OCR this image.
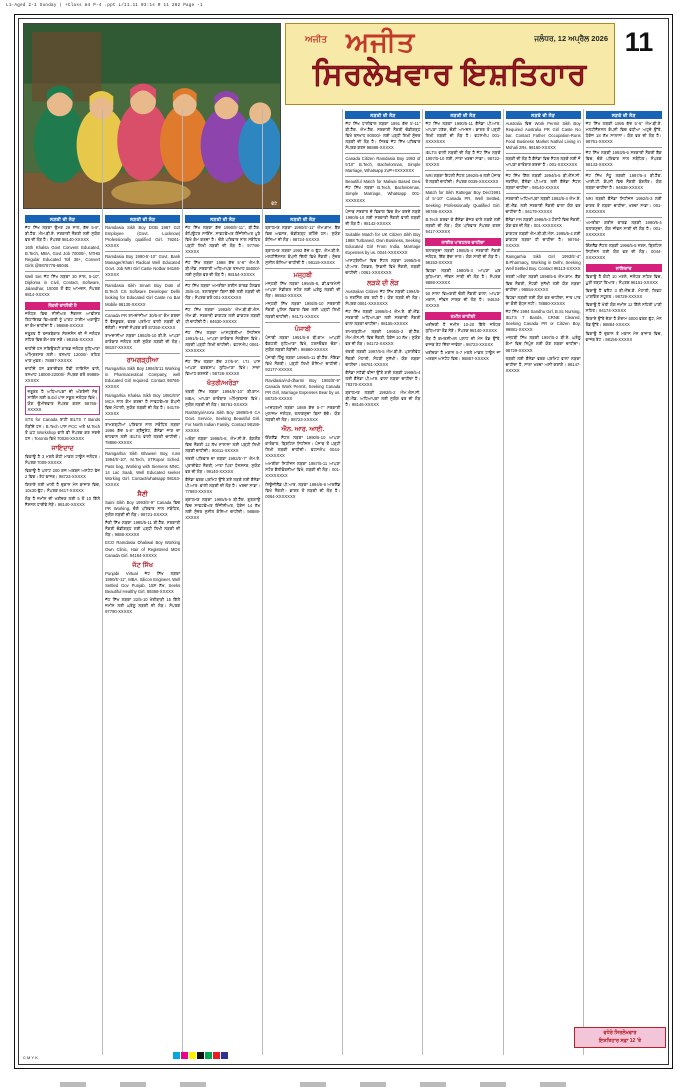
L1-Aged 2-1 Sunday | +Class m4 P-4 .ppt L/11.11 03:1s R 11 202 Page -1
ਫੋਟੋ
ਅਜੀਤ ਅਜੀਤ	ਜਲੰਧਰ, 12 ਅਪ੍ਰੈਲ 2026
ਸਿਰਲੇਖਵਾਰ ਇਸ਼ਤਿਹਾਰ
11
ਲੜਕੀ ਦੀ ਲੋੜ
ਜੱਟ ਸਿੱਖ ਲੜਕਾ ਉਮਰ 29 ਸਾਲ, ਕੱਦ 5-9", ਬੀ.ਟੈਕ. ਐਮ.ਬੀ.ਏ. ਸਰਕਾਰੀ ਨੌਕਰੀ ਲਈ ਸੁਯੋਗ ਵਰ ਦੀ ਲੋੜ ਹੈ। ਸੰਪਰਕ 98140-XXXXX
16th Khalsa Govt Convent Educated, B.Tech, MBA, Govt Job 70000/-, NTHB Regular Educated Toll 38+, Convert Girls @9876778-66046.
Well Set ਜੱਟ ਸਿੱਖ ਲੜਕਾ 30 ਸਾਲ, 5-10", Diploma in Civil, Contact, Software, Jalandhar, 10000 ਤੋਂ ਵੱਧ ਆਮਦਨ, ਸੰਪਰਕ 9814-XXXXX
ਨੌਕਰੀ ਚਾਹੀਦੀ ਹੈ
ਜਲੰਧਰ ਵਿਚ ਸੀਨੀਅਰ ਸੈਕਸ਼ਨ ਆਫੀਸਰ ਰਿਟਾਇਰਡ ਵਿਅਕਤੀ ਨੂੰ ਪਾਰਟ ਟਾਈਮ ਅਕਾਊਂਟ ਦਾ ਕੰਮ ਚਾਹੀਦਾ ਹੈ। 98888-XXXXX
ਜ਼ਰੂਰਤ ਹੈ ਤਜਰਬੇਕਾਰ ਸੇਲਜ਼ਮੈਨ ਦੀ ਜੋ ਜਲੰਧਰ ਸ਼ਹਿਰ ਵਿਚ ਕੰਮ ਕਰ ਸਕੇ। 98155-XXXXX
ਚਾਹੀਦੇ ਹਨ ਸਕਿਉਰਟੀ ਗਾਰਡ ਜਲੰਧਰ ਲੁਧਿਆਣਾ ਅੰਮ੍ਰਿਤਸਰ ਲਈ। ਤਨਖਾਹ 12000/- ਰਹਿਣ ਖਾਣ ਮੁਫ਼ਤ। 78887-XXXXX
ਚਾਹੀਦੇ ਹਨ ਡਰਾਈਵਰ ਹੈਵੀ ਲਾਇਸੰਸ ਵਾਲੇ, ਤਨਖਾਹ 18000-22000/- ਸੰਪਰਕ ਕਰੋ 99889-XXXXX
ਜ਼ਰੂਰਤ ਹੈ ਅਧਿਆਪਕਾਂ ਦੀ ਅੰਗਰੇਜ਼ੀ ਮੈਥ ਸਾਇੰਸ ਲਈ B.Ed ਪਾਸ ਸਕੂਲ ਜਲੰਧਰ ਵਿਖੇ। ਯੋਗ ਉਮੀਦਵਾਰ ਸੰਪਰਕ ਕਰਨ 98765-XXXXX
STS for Canada ਰਾਹੀਂ IELTS 7 Bands ਲੋੜੀਂਦੇ ਹਨ। B.Tech ਪਾਸ PCC ਅਤੇ M.Tech ਤੋਂ ਘੱਟ Workshop ਵਾਲੇ ਵੀ ਸੰਪਰਕ ਕਰ ਸਕਦੇ ਹਨ। Toronto ਵਿਖੇ 70026-XXXXX
ਜਾਇਦਾਦ
ਵਿਕਾਊ ਹੈ 3 ਮਰਲੇ ਕੋਠੀ ਮਾਡਲ ਟਾਊਨ ਜਲੰਧਰ। ਸੰਪਰਕ 7009-XXXXX
ਵਿਕਾਊ ਹੈ ਪਲਾਟ 200 ਗਜ਼ ਅਰਬਨ ਅਸਟੇਟ ਫੇਜ਼ 2 ਵਿਚ। ਰੇਟ ਵਾਜਬ। 98723-XXXXX
ਕਿਰਾਏ ਲਈ ਖਾਲੀ ਹੈ ਦੁਕਾਨ ਮੇਨ ਬਾਜ਼ਾਰ ਵਿਚ, 10x30 ਫੁੱਟ। ਸੰਪਰਕ 9417-XXXXX
ਲੋੜ ਹੈ ਜ਼ਮੀਨ ਦੀ ਖਰੀਦਣ ਲਈ 5 ਤੋਂ 10 ਕਿੱਲੇ ਨੈਸ਼ਨਲ ਹਾਈਵੇ ਨੇੜੇ। 98140-XXXXX
ਲੜਕੀ ਦੀ ਲੋੜ
Ramdasia Sikh Boy DOB 1987 Gzt Employee (Govt. Lucknow) Professionally qualified Girl. 79261-XXXXX
Ramdasia Boy 1990-5'-10" Govt. Bank Manager/Khatri Radical Well Educated Govt. Job NRI Girl Caste Notbar 94166-XXXXX
Ramdasia Sikh Smart Boy DoB of B.Tech CS Software Developer Delhi looking for Educated Girl Caste no Bar Mobile 98130-XXXXX
Canada PR ਰਾਮਦਾਸੀਆ 30/5-8" ਕੰਮ ਕਰਦਾ ਹੈ ਵੈਨਕੂਵਰ, ਵਰਕ ਪਰਮਿਟ ਵਾਲੀ ਲੜਕੀ ਵੀ ਚੱਲੇਗੀ। ਜਲਦੀ ਸੰਪਰਕ ਕਰੋ 87250-XXXXX
ਰਾਮਦਾਸੀਆ ਲੜਕਾ 1992/5-10 ਬੀ.ਏ. ਆਪਣਾ ਕਾਰੋਬਾਰ ਜਲੰਧਰ ਲਈ ਸੁਯੋਗ ਲੜਕੀ ਦੀ ਲੋੜ। 98157-XXXXX
ਰਾਮਗੜ੍ਹੀਆ
Ramgarhia Sikh Boy 1994/5'11 Working in Pharmaceutical Company, well Educated Girl required. Contact 98766-XXXXX
Ramgarhia Khalsa Sikh Boy 1991/5'9" MCA ਨਾਲ ਕੰਮ ਕਰਦਾ ਹੈ ਸਾਫਟਵੇਅਰ ਕੰਪਨੀ ਵਿਚ ਮੋਹਾਲੀ, ਸੁਯੋਗ ਲੜਕੀ ਦੀ ਲੋੜ ਹੈ। 94178-XXXXX
ਰਾਮਗੜ੍ਹੀਆ ਪਰਿਵਾਰ ਨਾਲ ਸਬੰਧਿਤ ਲੜਕਾ 1996 ਕੱਦ 5-8" ਗ੍ਰੈਜੂਏਟ, ਕੈਨੇਡਾ ਜਾਣ ਦਾ ਚਾਹਵਾਨ ਲਈ IELTS ਵਾਲੀ ਲੜਕੀ ਚਾਹੀਦੀ। 78886-XXXXX
Ramgarhia Sikh Bhaweri Boy, runs 1994/5'-10", M.Tech, IITRopar Sched. Pass bag, Working with Siemens MNC, 14 Lac Saab, Well Educated seeker Working Girl. Contact/whatsapp 98163-XXXXX
ਸੈਣੀ
Saini Sikh Boy 1993/5'-9" Canada ਵਿਚ PR Working, ਚੰਗੇ ਪਰਿਵਾਰ ਨਾਲ ਸਬੰਧਿਤ, ਸੁਯੋਗ ਲੜਕੀ ਦੀ ਲੋੜ। 98721-XXXXX
ਸੈਣੀ ਸਿੱਖ ਲੜਕਾ 1995/5-11 ਬੀ.ਟੈੱਕ. ਸਰਕਾਰੀ ਨੌਕਰੀ ਚੰਡੀਗੜ੍ਹ ਲਈ ਪੜ੍ਹੀ ਲਿਖੀ ਲੜਕੀ ਦੀ ਲੋੜ। 9888-XXXXX
ECO Ramdasia Dhaliwal Boy Working Own Clinic, Hair of Registered MDS Canada Girl. 94164-XXXXX
ਜੱਟ ਸਿੱਖ
Punjabi Virtual ਜੱਟ ਸਿੱਖ ਲੜਕਾ 1990/5'-11", MBA, Silicon Engineer, Well Settled Gov Punjab, 15ਸ਼ ਲੱਖ, Seeks Beautiful Healthy Girl. 89368-XXXXX
ਜੱਟ ਸਿੱਖ ਲੜਕਾ 32/5-10 ਖੇਤੀਬਾੜੀ 15 ਕਿੱਲੇ ਜ਼ਮੀਨ ਲਈ ਘਰੇਲੂ ਲੜਕੀ ਦੀ ਲੋੜ। ਸੰਪਰਕ 97790-XXXXX
ਲੜਕੀ ਦੀ ਲੋੜ
ਜੱਟ ਸਿੱਖ ਲੜਕਾ ਕੱਦ 1990/5'-11", ਬੀ.ਟੈੱਕ. ਕੰਪਿਊਟਰ ਸਾਇੰਸ, ਸਾਫਟਵੇਅਰ ਇੰਜੀਨੀਅਰ ਪੁਣੇ ਵਿਖੇ ਕੰਮ ਕਰਦਾ ਹੈ। ਚੰਗੇ ਪਰਿਵਾਰ ਨਾਲ ਸਬੰਧਿਤ ਪੜ੍ਹੀ ਲਿਖੀ ਲੜਕੀ ਦੀ ਲੋੜ ਹੈ। 97798-XXXXX
ਜੱਟ ਸਿੱਖ ਲੜਕਾ 1988 ਕੱਦ 5'-8" ਐਮ.ਏ. ਬੀ.ਐੱਡ. ਸਰਕਾਰੀ ਅਧਿਆਪਕ ਤਨਖਾਹ 55000/- ਲਈ ਸੁਯੋਗ ਵਰ ਦੀ ਲੋੜ ਹੈ। 98154-XXXXX
ਜੱਟ ਸਿੱਖ ਲੜਕਾ ਅਮਰੀਕਾ ਗਰੀਨ ਕਾਰਡ ਹੋਲਡਰ 35/5-10, ਤਲਾਕਸ਼ੁਦਾ ਬਿਨਾਂ ਬੱਚੇ ਲਈ ਲੜਕੀ ਦੀ ਲੋੜ। ਸੰਪਰਕ ਕਰੋ 001-XXXXXXX
ਜੱਟ ਸਿੱਖ ਲੜਕਾ 1993/6' ਐਮ.ਬੀ.ਬੀ.ਐਸ. ਐਮ.ਡੀ. ਸਰਕਾਰੀ ਡਾਕਟਰ ਲਈ ਡਾਕਟਰ ਲੜਕੀ ਹੀ ਚਾਹੀਦੀ ਹੈ। 94630-XXXXX
ਜੱਟ ਸਿੱਖ ਲੜਕਾ ਆਸਟ੍ਰੇਲੀਆ ਸਿਟੀਜ਼ਨ 1991/5-11, ਆਪਣਾ ਕਾਰੋਬਾਰ ਮੈਲਬੌਰਨ ਵਿਖੇ। ਲੜਕੀ ਪੜ੍ਹੀ ਲਿਖੀ ਚਾਹੀਦੀ। ਵਟਸਐਪ 0061-XXXXXXX
ਜੱਟ ਸਿੱਖ ਲੜਕਾ ਕੱਦ 27/5-9", I.T.I. ਪਾਸ ਆਪਣਾ ਵਰਕਸ਼ਾਪ ਲੁਧਿਆਣਾ ਵਿਖੇ। ਸਾਦਾ ਵਿਆਹ ਕਰਨਗੇ। 98726-XXXXX
ਖੱਤਰੀ/ਅਰੋੜਾ
ਖੱਤਰੀ ਸਿੱਖ ਲੜਕਾ 1994/5'-10" ਬੀ.ਕਾਮ. MBA, ਆਪਣਾ ਕਾਰੋਬਾਰ ਅੰਮ੍ਰਿਤਸਰ ਵਿਖੇ। ਸੁਯੋਗ ਲੜਕੀ ਦੀ ਲੋੜ। 98761-XXXXX
Rashtriya/Arora Sikh Boy 1989/5-9 CA Govt. Service, Seeking Beautiful Girl. For North Indian Family. Contact 98159-XXXXX
ਅਰੋੜਾ ਲੜਕਾ 1996/5-8, ਐਮ.ਸੀ.ਏ. ਬੰਗਲੌਰ ਵਿਚ ਨੌਕਰੀ 12 ਲੱਖ ਸਾਲਾਨਾ ਲਈ ਪੜ੍ਹੀ ਲਿਖੀ ਲੜਕੀ ਚਾਹੀਦੀ। 90411-XXXXX
ਖੱਤਰੀ ਪਰਿਵਾਰ ਦਾ ਲੜਕਾ 1992/5'-7" ਐਮ.ਏ. ਪ੍ਰਾਈਵੇਟ ਨੌਕਰੀ, ਮਾਤਾ ਪਿਤਾ ਪੈਨਸ਼ਨਰ, ਸੁਯੋਗ ਵਰ ਦੀ ਲੋੜ। 99140-XXXXX
ਕੈਨੇਡਾ ਵਰਕ ਪਰਮਿਟ ਉੱਤੇ ਗਏ ਲੜਕੇ ਲਈ ਕੈਨੇਡਾ ਪੀ.ਆਰ. ਵਾਲੀ ਲੜਕੀ ਦੀ ਲੋੜ ਹੈ। ਖਰਚਾ ਸਾਡਾ। 77893-XXXXX
ਬ੍ਰਾਹਮਣ ਲੜਕਾ 1995/5-9 ਬੀ.ਟੈੱਕ. ਗੁੜਗਾਉਂ ਵਿਚ ਸਾਫਟਵੇਅਰ ਇੰਜੀਨੀਅਰ, ਪੈਕੇਜ 14 ਲੱਖ ਲਈ ਸੁੰਦਰ ਸੁਸ਼ੀਲ ਕੰਨਿਆ ਚਾਹੀਦੀ। 98889-XXXXX
ਲੜਕੀ ਦੀ ਲੋੜ
ਬ੍ਰਾਹਮਣ ਲੜਕਾ 1990/5'-11" ਐਮ.ਕਾਮ. ਬੈਂਕ ਵਿਚ ਅਫਸਰ, ਚੰਡੀਗੜ੍ਹ ਰਹਿੰਦੇ ਹਨ। ਸੁਯੋਗ ਕੰਨਿਆ ਦੀ ਲੋੜ। 98724-XXXXX
ਬ੍ਰਾਹਮਣ ਲੜਕਾ 1993 ਕੱਦ 6 ਫੁੱਟ, ਐਮ.ਬੀ.ਏ. ਮਲਟੀਨੈਸ਼ਨਲ ਕੰਪਨੀ ਦਿੱਲੀ ਵਿਖੇ ਨੌਕਰੀ। ਸੁੰਦਰ ਸੁਸ਼ੀਲ ਕੰਨਿਆ ਚਾਹੀਦੀ ਹੈ। 98119-XXXXX
ਮਜ਼੍ਹਬੀ
ਮਜ਼੍ਹਬੀ ਸਿੱਖ ਲੜਕਾ 1994/5-8, ਡੀ.ਫਾਰਮੇਸੀ ਆਪਣਾ ਮੈਡੀਕਲ ਸਟੋਰ ਲਈ ਘਰੇਲੂ ਲੜਕੀ ਦੀ ਲੋੜ। 98553-XXXXX
ਮਜ਼੍ਹਬੀ ਸਿੱਖ ਲੜਕਾ 1992/5-10 ਸਰਕਾਰੀ ਨੌਕਰੀ ਪੁਲਿਸ ਵਿਭਾਗ ਵਿਚ ਲਈ ਪੜ੍ਹੀ ਲਿਖੀ ਲੜਕੀ ਚਾਹੀਦੀ। 94171-XXXXX
ਪੰਜਾਬੀ
ਪੰਜਾਬੀ ਲੜਕਾ 1991/5-9 ਬੀ.ਕਾਮ. ਆਪਣੀ ਫੈਕਟਰੀ ਲੁਧਿਆਣਾ ਵਿਖੇ, ਟਰਨਓਵਰ ਚੰਗਾ। ਸੁਯੋਗ ਲੜਕੀ ਲੋੜੀਂਦੀ। 98880-XXXXX
ਪੰਜਾਬੀ ਹਿੰਦੂ ਲੜਕਾ 1996/5-11 ਬੀ.ਟੈੱਕ. ਨੋਇਡਾ ਵਿਖੇ ਨੌਕਰੀ। ਪੜ੍ਹੀ ਲਿਖੀ ਕੰਨਿਆ ਚਾਹੀਦੀ। 93177-XXXXX
Ravidasia/Ad-dharmi Boy 1992/5'-9" Canada Work Permit, Seeking Canada PR Girl, Marriage Expenses Bear by us. 88720-XXXXX
ਆਦਧਰਮੀ ਲੜਕਾ 1989 ਕੱਦ 5-7" ਸਰਕਾਰੀ ਮੁਲਾਜ਼ਮ ਜਲੰਧਰ, ਤਲਾਕਸ਼ੁਦਾ ਬਿਨਾਂ ਬੱਚੇ। ਯੋਗ ਲੜਕੀ ਦੀ ਲੋੜ। 98723-XXXXX
ਐਨ. ਆਰ. ਆਈ.
ਇੰਗਲੈਂਡ ਸੈਟਲ ਲੜਕਾ 1990/5-10 ਆਪਣਾ ਕਾਰੋਬਾਰ, ਬ੍ਰਿਟਿਸ਼ ਸਿਟੀਜ਼ਨ। ਪੰਜਾਬ ਤੋਂ ਪੜ੍ਹੀ ਲਿਖੀ ਲੜਕੀ ਚਾਹੀਦੀ। ਵਟਸਐਪ 0044-XXXXXXX
ਅਮਰੀਕਾ ਸਿਟੀਜ਼ਨ ਲੜਕਾ 1987/5-11 ਆਪਣਾ ਸਟੋਰ ਕੈਲੀਫੋਰਨੀਆ ਵਿਖੇ, ਲੜਕੀ ਦੀ ਲੋੜ। 001-XXXXXXXX
ਨਿਊਜ਼ੀਲੈਂਡ ਪੀ.ਆਰ. ਲੜਕਾ 1994/5-9 ਆਕਲੈਂਡ ਵਿਖੇ ਨੌਕਰੀ। ਭਾਰਤ ਤੋਂ ਲੜਕੀ ਦੀ ਲੋੜ ਹੈ। 0064-XXXXXXX
ਲੜਕੀ ਦੀ ਲੋੜ
ਜੱਟ ਸਿੱਖ ਧਾਲੀਵਾਲ ਲੜਕਾ 1991 ਕੱਦ 5'-11" ਬੀ.ਟੈੱਕ. ਐਮ.ਟੈੱਕ. ਸਰਕਾਰੀ ਨੌਕਰੀ ਚੰਡੀਗੜ੍ਹ ਵਿਖੇ ਤਨਖਾਹ 90000/- ਲਈ ਪੜ੍ਹੀ ਲਿਖੀ ਸੁੰਦਰ ਲੜਕੀ ਦੀ ਲੋੜ ਹੈ। ਸਿਰਫ਼ ਜੱਟ ਸਿੱਖ ਪਰਿਵਾਰ ਸੰਪਰਕ ਕਰਨ 98888-XXXXX
Canada Citizen Ramdasia Boy 1993 of 5'10" B.Tech, Bachelorman, Simple Marriage, Whatsapp 2ਪਜ+XXXXXXX
Beautiful Match for Malwai Based Desi ਜੱਟ ਸਿੱਖ ਲੜਕਾ B.Tech, Bachelorman, Simple Marriage, Whatsapp 001-XXXXXXX
ਪੰਜਾਬ ਸਰਕਾਰ ਦੇ ਵਿਭਾਗ ਵਿਚ ਕੰਮ ਕਰਦੇ ਲੜਕੇ 1990/5-10 ਲਈ ਸਰਕਾਰੀ ਨੌਕਰੀ ਵਾਲੀ ਲੜਕੀ ਦੀ ਲੋੜ ਹੈ। 98142-XXXXX
Suitable Match for UK Citizen Sikh Boy 1988 Turbaned, Own Business, Seeking Educated Girl From India. Marriage Expenses by us. 0044-XXXXXXX
ਆਸਟ੍ਰੇਲੀਆ ਵਿਚ ਸੈਟਲ ਲੜਕਾ 1995/5-8 ਪੀ.ਆਰ. ਹੋਲਡਰ, ਸਿਡਨੀ ਵਿਖੇ ਨੌਕਰੀ, ਲੜਕੀ ਚਾਹੀਦੀ। 0061-XXXXXXX
ਲੜਕੇ ਦੀ ਲੋੜ
Australian Citizen ਜੱਟ ਸਿੱਖ ਲੜਕੀ 1994/5-5 ਨਰਸਿੰਗ ਕਰ ਰਹੀ ਹੈ। ਯੋਗ ਲੜਕੇ ਦੀ ਲੋੜ। ਸੰਪਰਕ 0061-XXXXXXX
ਜੱਟ ਸਿੱਖ ਲੜਕੀ 1996/5-4 ਐਮ.ਏ. ਬੀ.ਐੱਡ. ਸਰਕਾਰੀ ਅਧਿਆਪਕਾ ਲਈ ਸਰਕਾਰੀ ਨੌਕਰੀ ਵਾਲਾ ਲੜਕਾ ਚਾਹੀਦਾ। 98155-XXXXX
ਰਾਮਗੜ੍ਹੀਆ ਲੜਕੀ 1995/5-3 ਬੀ.ਟੈੱਕ. ਐਮ.ਐਨ.ਸੀ. ਵਿਚ ਨੌਕਰੀ, ਪੈਕੇਜ 10 ਲੱਖ। ਸੁਯੋਗ ਵਰ ਦੀ ਲੋੜ। 94172-XXXXX
ਖੱਤਰੀ ਲੜਕੀ 1997/5-5 ਐਮ.ਬੀ.ਏ. ਪ੍ਰਾਈਵੇਟ ਨੌਕਰੀ ਮੋਹਾਲੀ, ਸੋਹਣੀ ਸੁਨੱਖੀ। ਯੋਗ ਲੜਕਾ ਚਾਹੀਦਾ। 98761-XXXXX
ਕੈਨੇਡਾ ਸਟੱਡੀ ਵੀਜ਼ਾ ਉੱਤੇ ਗਈ ਲੜਕੀ 1999/5-4 ਲਈ ਕੈਨੇਡਾ ਪੀ.ਆਰ. ਵਾਲਾ ਲੜਕਾ ਚਾਹੀਦਾ ਹੈ। 78370-XXXXX
ਬ੍ਰਾਹਮਣ ਲੜਕੀ 1993/5-2 ਐਮ.ਐਸ.ਸੀ. ਬੀ.ਐੱਡ. ਅਧਿਆਪਕਾ ਲਈ ਸੁਯੋਗ ਵਰ ਦੀ ਲੋੜ ਹੈ। 98146-XXXXX
ਲੜਕੀ ਦੀ ਲੋੜ
ਜੱਟ ਸਿੱਖ ਲੜਕਾ 1990/5-11 ਕੈਨੇਡਾ ਪੀ.ਆਰ. ਆਪਣਾ ਟਰੱਕ, ਚੰਗੀ ਆਮਦਨ। ਭਾਰਤ ਤੋਂ ਪੜ੍ਹੀ ਲਿਖੀ ਲੜਕੀ ਦੀ ਲੋੜ ਹੈ। ਵਟਸਐਪ 001-XXXXXXX
IELTS ਵਾਲੀ ਲੜਕੀ ਦੀ ਲੋੜ ਹੈ ਜੱਟ ਸਿੱਖ ਲੜਕੇ 1997/5-10 ਲਈ, ਸਾਰਾ ਖਰਚਾ ਸਾਡਾ। 98722-XXXXX
NRI ਲੜਕਾ ਇਟਲੀ ਸੈਟਲ 1992/5-9 ਲਈ ਪੰਜਾਬ ਤੋਂ ਲੜਕੀ ਚਾਹੀਦੀ। ਸੰਪਰਕ 0039-XXXXXXX
Match for Sikh Rattegar Boy Dec/1991 of 5'-10" Canada PR, Well Settled, Seeking Professionally Qualified Girl. 98766-XXXXX
B.Tech ਕਰਵਾ ਕੇ ਕੈਨੇਡਾ ਭੇਜਣ ਵਾਲੇ ਲੜਕੇ ਲਈ ਲੜਕੀ ਦੀ ਲੋੜ। ਯੋਗ ਪਰਿਵਾਰ ਸੰਪਰਕ ਕਰਨ 9417-XXXXX
ਲਾਈਫ ਪਾਰਟਨਰ ਚਾਹੀਦਾ
ਤਲਾਕਸ਼ੁਦਾ ਲੜਕੀ 1985/5-4 ਸਰਕਾਰੀ ਨੌਕਰੀ ਜਲੰਧਰ, ਇੱਕ ਬੱਚਾ ਨਾਲ। ਯੋਗ ਸਾਥੀ ਦੀ ਲੋੜ ਹੈ। 98153-XXXXX
ਵਿਧਵਾ ਲੜਕੀ 1980/5-3 ਆਪਣਾ ਘਰ ਲੁਧਿਆਣਾ, ਜੀਵਨ ਸਾਥੀ ਦੀ ਲੋੜ ਹੈ। ਸੰਪਰਕ 9888-XXXXX
50 ਸਾਲਾ ਵਿਅਕਤੀ ਚੰਗੀ ਨੌਕਰੀ ਵਾਲਾ, ਆਪਣਾ ਮਕਾਨ, ਜੀਵਨ ਸਾਥਣ ਦੀ ਲੋੜ ਹੈ। 94634-XXXXX
ਜ਼ਮੀਨ ਚਾਹੀਦੀ
ਖਰੀਦਣੀ ਹੈ ਜ਼ਮੀਨ 10-20 ਕਿੱਲੇ ਜਲੰਧਰ ਲੁਧਿਆਣਾ ਰੋਡ ਨੇੜੇ। ਸੰਪਰਕ 98140-XXXXX
ਲੋੜ ਹੈ ਕਮਰਸ਼ੀਅਲ ਪਲਾਟ ਦੀ ਮੇਨ ਰੋਡ ਉੱਤੇ, ਵਾਜਬ ਰੇਟ ਦਿੱਤਾ ਜਾਵੇਗਾ। 98723-XXXXX
ਖਰੀਦਣਾ ਹੈ ਮਕਾਨ 5-7 ਮਰਲੇ ਮਾਡਲ ਟਾਊਨ ਜਾਂ ਅਰਬਨ ਅਸਟੇਟ ਵਿਚ। 98887-XXXXX
ਲੜਕੇ ਦੀ ਲੋੜ
Australia ਵਿਚ Work Permit Sikh Boy Required Australia PR Girl Caste No bar. Contact Father Occupation-Runs Food Business Market Nathal Living in Mohali 2Rs. 98160-XXXXX
ਲੜਕੀ ਦੀ ਲੋੜ ਹੈ ਕੈਨੇਡਾ ਵਿਚ ਸੈਟਲ ਲੜਕੇ ਲਈ ਜੋ ਆਪਣਾ ਕਾਰੋਬਾਰ ਕਰਦਾ ਹੈ। 001-XXXXXXX
ਜੱਟ ਸਿੱਖ ਗਿੱਲ ਲੜਕੀ 1994/5-5 ਬੀ.ਐੱਸ.ਸੀ. ਨਰਸਿੰਗ, ਕੈਨੇਡਾ ਪੀ.ਆਰ. ਲਈ ਕੈਨੇਡਾ ਸੈਟਲ ਲੜਕਾ ਚਾਹੀਦਾ। 98140-XXXXX
ਸਰਕਾਰੀ ਅਧਿਆਪਕਾ ਲੜਕੀ 1992/5-4 ਐਮ.ਏ. ਬੀ.ਐੱਡ. ਲਈ ਸਰਕਾਰੀ ਨੌਕਰੀ ਵਾਲਾ ਯੋਗ ਵਰ ਚਾਹੀਦਾ ਹੈ। 94179-XXXXX
ਕੈਨੇਡਾ PR ਲੜਕੀ 1996/5-3 ਟੋਰਾਂਟੋ ਵਿਚ ਨੌਕਰੀ, ਯੋਗ ਵਰ ਦੀ ਲੋੜ। 001-XXXXXXX
ਡਾਕਟਰ ਲੜਕੀ ਐਮ.ਬੀ.ਬੀ.ਐਸ. 1995/5-4 ਲਈ ਡਾਕਟਰ ਲੜਕਾ ਹੀ ਚਾਹੀਦਾ ਹੈ। 98764-XXXXX
Ramgarhia Sikh Girl 1993/5'-4" B.Pharmacy, Working in Delhi, Seeking Well Settled Boy. Contact 98113-XXXXX
ਖੱਤਰੀ ਅਰੋੜਾ ਲੜਕੀ 1998/5-5 ਐਮ.ਕਾਮ. ਬੈਂਕ ਵਿਚ ਨੌਕਰੀ, ਸੋਹਣੀ ਸੁਨੱਖੀ ਲਈ ਯੋਗ ਲੜਕਾ ਚਾਹੀਦਾ। 98554-XXXXX
ਵਿਧਵਾ ਲੜਕੀ ਲਈ ਯੋਗ ਵਰ ਚਾਹੀਦਾ, ਜਾਤ ਪਾਤ ਦਾ ਕੋਈ ਬੰਧਨ ਨਹੀਂ। 78880-XXXXX
ਜੱਟ ਸਿੱਖ 1994 Sandhu Girl, B.Sc Nursing, IELTS 7 Bands, CRNE Cleared, Seeking Canada PR or Citizen Boy. 98881-XXXXX
ਮਜ਼੍ਹਬੀ ਸਿੱਖ ਲੜਕੀ 1997/5-2 ਬੀ.ਏ. ਘਰੇਲੂ ਕੰਮਾਂ ਵਿਚ ਨਿਪੁੰਨ ਲਈ ਯੋਗ ਲੜਕਾ ਚਾਹੀਦਾ। 98729-XXXXX
ਲੜਕੀ ਲਈ ਕੈਨੇਡਾ ਵਰਕ ਪਰਮਿਟ ਵਾਲਾ ਲੜਕਾ ਚਾਹੀਦਾ ਹੈ, ਸਾਰਾ ਖਰਚਾ ਅਸੀਂ ਕਰਾਂਗੇ। 98147-XXXXX
ਲੜਕੇ ਦੀ ਲੋੜ
ਜੱਟ ਸਿੱਖ ਲੜਕੀ 1995 ਕੱਦ 5'-5" ਐਮ.ਬੀ.ਏ. ਮਲਟੀਨੈਸ਼ਨਲ ਕੰਪਨੀ ਵਿਚ ਵਧੀਆ ਅਹੁਦੇ ਉੱਤੇ, ਪੈਕੇਜ 18 ਲੱਖ ਸਾਲਾਨਾ। ਯੋਗ ਵਰ ਦੀ ਲੋੜ ਹੈ। 98761-XXXXX
ਜੱਟ ਸਿੱਖ ਲੜਕੀ 1993/5-6 ਸਰਕਾਰੀ ਨੌਕਰੀ ਬੈਂਕ ਵਿਚ, ਚੰਗੇ ਪਰਿਵਾਰ ਨਾਲ ਸਬੰਧਿਤ। ਸੰਪਰਕ 98143-XXXXX
ਜੱਟ ਸਿੱਖ ਸੰਧੂ ਲੜਕੀ 1997/5-4 ਬੀ.ਟੈੱਕ. ਆਈ.ਟੀ. ਕੰਪਨੀ ਵਿਚ ਨੌਕਰੀ ਬੰਗਲੌਰ। ਯੋਗ ਲੜਕਾ ਚਾਹੀਦਾ ਹੈ। 94638-XXXXX
NRI ਲੜਕੀ ਕੈਨੇਡਾ ਸਿਟੀਜ਼ਨ 1992/5-3 ਲਈ ਭਾਰਤ ਤੋਂ ਲੜਕਾ ਚਾਹੀਦਾ, ਖਰਚਾ ਸਾਡਾ। 001-XXXXXXX
ਅਮਰੀਕਾ ਗਰੀਨ ਕਾਰਡ ਲੜਕੀ 1990/5-4 ਤਲਾਕਸ਼ੁਦਾ, ਯੋਗ ਜੀਵਨ ਸਾਥੀ ਦੀ ਲੋੜ ਹੈ। 001-XXXXXXX
ਇੰਗਲੈਂਡ ਸੈਟਲ ਲੜਕੀ 1996/5-5 ਨਰਸ, ਬ੍ਰਿਟਿਸ਼ ਸਿਟੀਜ਼ਨ ਲਈ ਯੋਗ ਵਰ ਦੀ ਲੋੜ। 0044-XXXXXXX
ਜਾਇਦਾਦ
ਵਿਕਾਊ ਹੈ ਕੋਠੀ 10 ਮਰਲੇ, ਜਲੰਧਰ ਸ਼ਹਿਰ ਵਿਚ, ਪੂਰੀ ਤਰ੍ਹਾਂ ਤਿਆਰ। ਸੰਪਰਕ 98151-XXXXX
ਵਿਕਾਊ ਹੈ ਫਲੈਟ 3 ਬੀ.ਐੱਚ.ਕੇ. ਮੋਹਾਲੀ, ਲਿਫਟ ਪਾਰਕਿੰਗ ਸਹੂਲਤ। 98729-XXXXX
ਵਿਕਾਊ ਹੈ ਖੇਤੀ ਯੋਗ ਜ਼ਮੀਨ 12 ਕਿੱਲੇ ਨਹਿਰੀ ਪਾਣੀ ਸਹਿਤ। 94174-XXXXX
ਕਿਰਾਏ ਉੱਤੇ ਦੇਣਾ ਹੈ ਗੋਦਾਮ 5000 ਵਰਗ ਫੁੱਟ, ਮੇਨ ਰੋਡ ਉੱਤੇ। 98884-XXXXX
ਵਿਕਾਊ ਹੈ ਦੁਕਾਨ ਤੇ ਮਕਾਨ ਮੇਨ ਬਾਜ਼ਾਰ ਵਿਚ, ਵਾਜਬ ਰੇਟ। 98156-XXXXX
C M Y K
ਵਧੇਰੇ ਸਿਰਲੇਖਵਾਰ
ਇਸ਼ਤਿਹਾਰ ਸਫ਼ਾ 12 'ਤੇ
